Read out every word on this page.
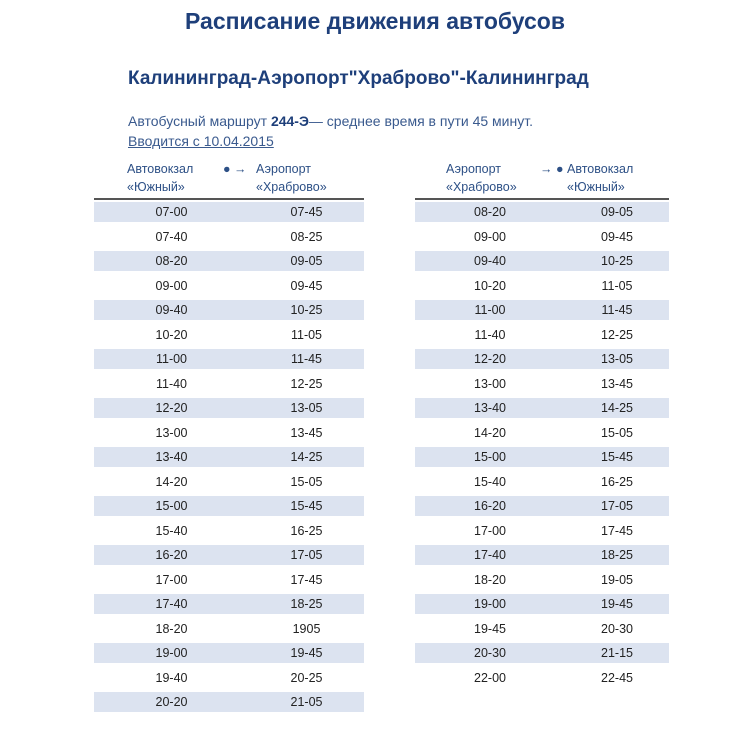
Расписание движения автобусов
Калининград-Аэропорт"Храброво"-Калининград
Автобусный маршрут 244-Э— среднее время в пути 45 минут.
Вводится с 10.04.2015
Автовокзал
«Южный»
● → Аэропорт
«Храброво»
Аэропорт
«Храброво»
→ ● Автовокзал
«Южный»
07-00	07-45
07-40	08-25
08-20	09-05
09-00	09-45
09-40	10-25
10-20	11-05
11-00	11-45
11-40	12-25
12-20	13-05
13-00	13-45
13-40	14-25
14-20	15-05
15-00	15-45
15-40	16-25
16-20	17-05
17-00	17-45
17-40	18-25
18-20	1905
19-00	19-45
19-40	20-25
20-20	21-05
08-20	09-05
09-00	09-45
09-40	10-25
10-20	11-05
11-00	11-45
11-40	12-25
12-20	13-05
13-00	13-45
13-40	14-25
14-20	15-05
15-00	15-45
15-40	16-25
16-20	17-05
17-00	17-45
17-40	18-25
18-20	19-05
19-00	19-45
19-45	20-30
20-30	21-15
22-00	22-45
